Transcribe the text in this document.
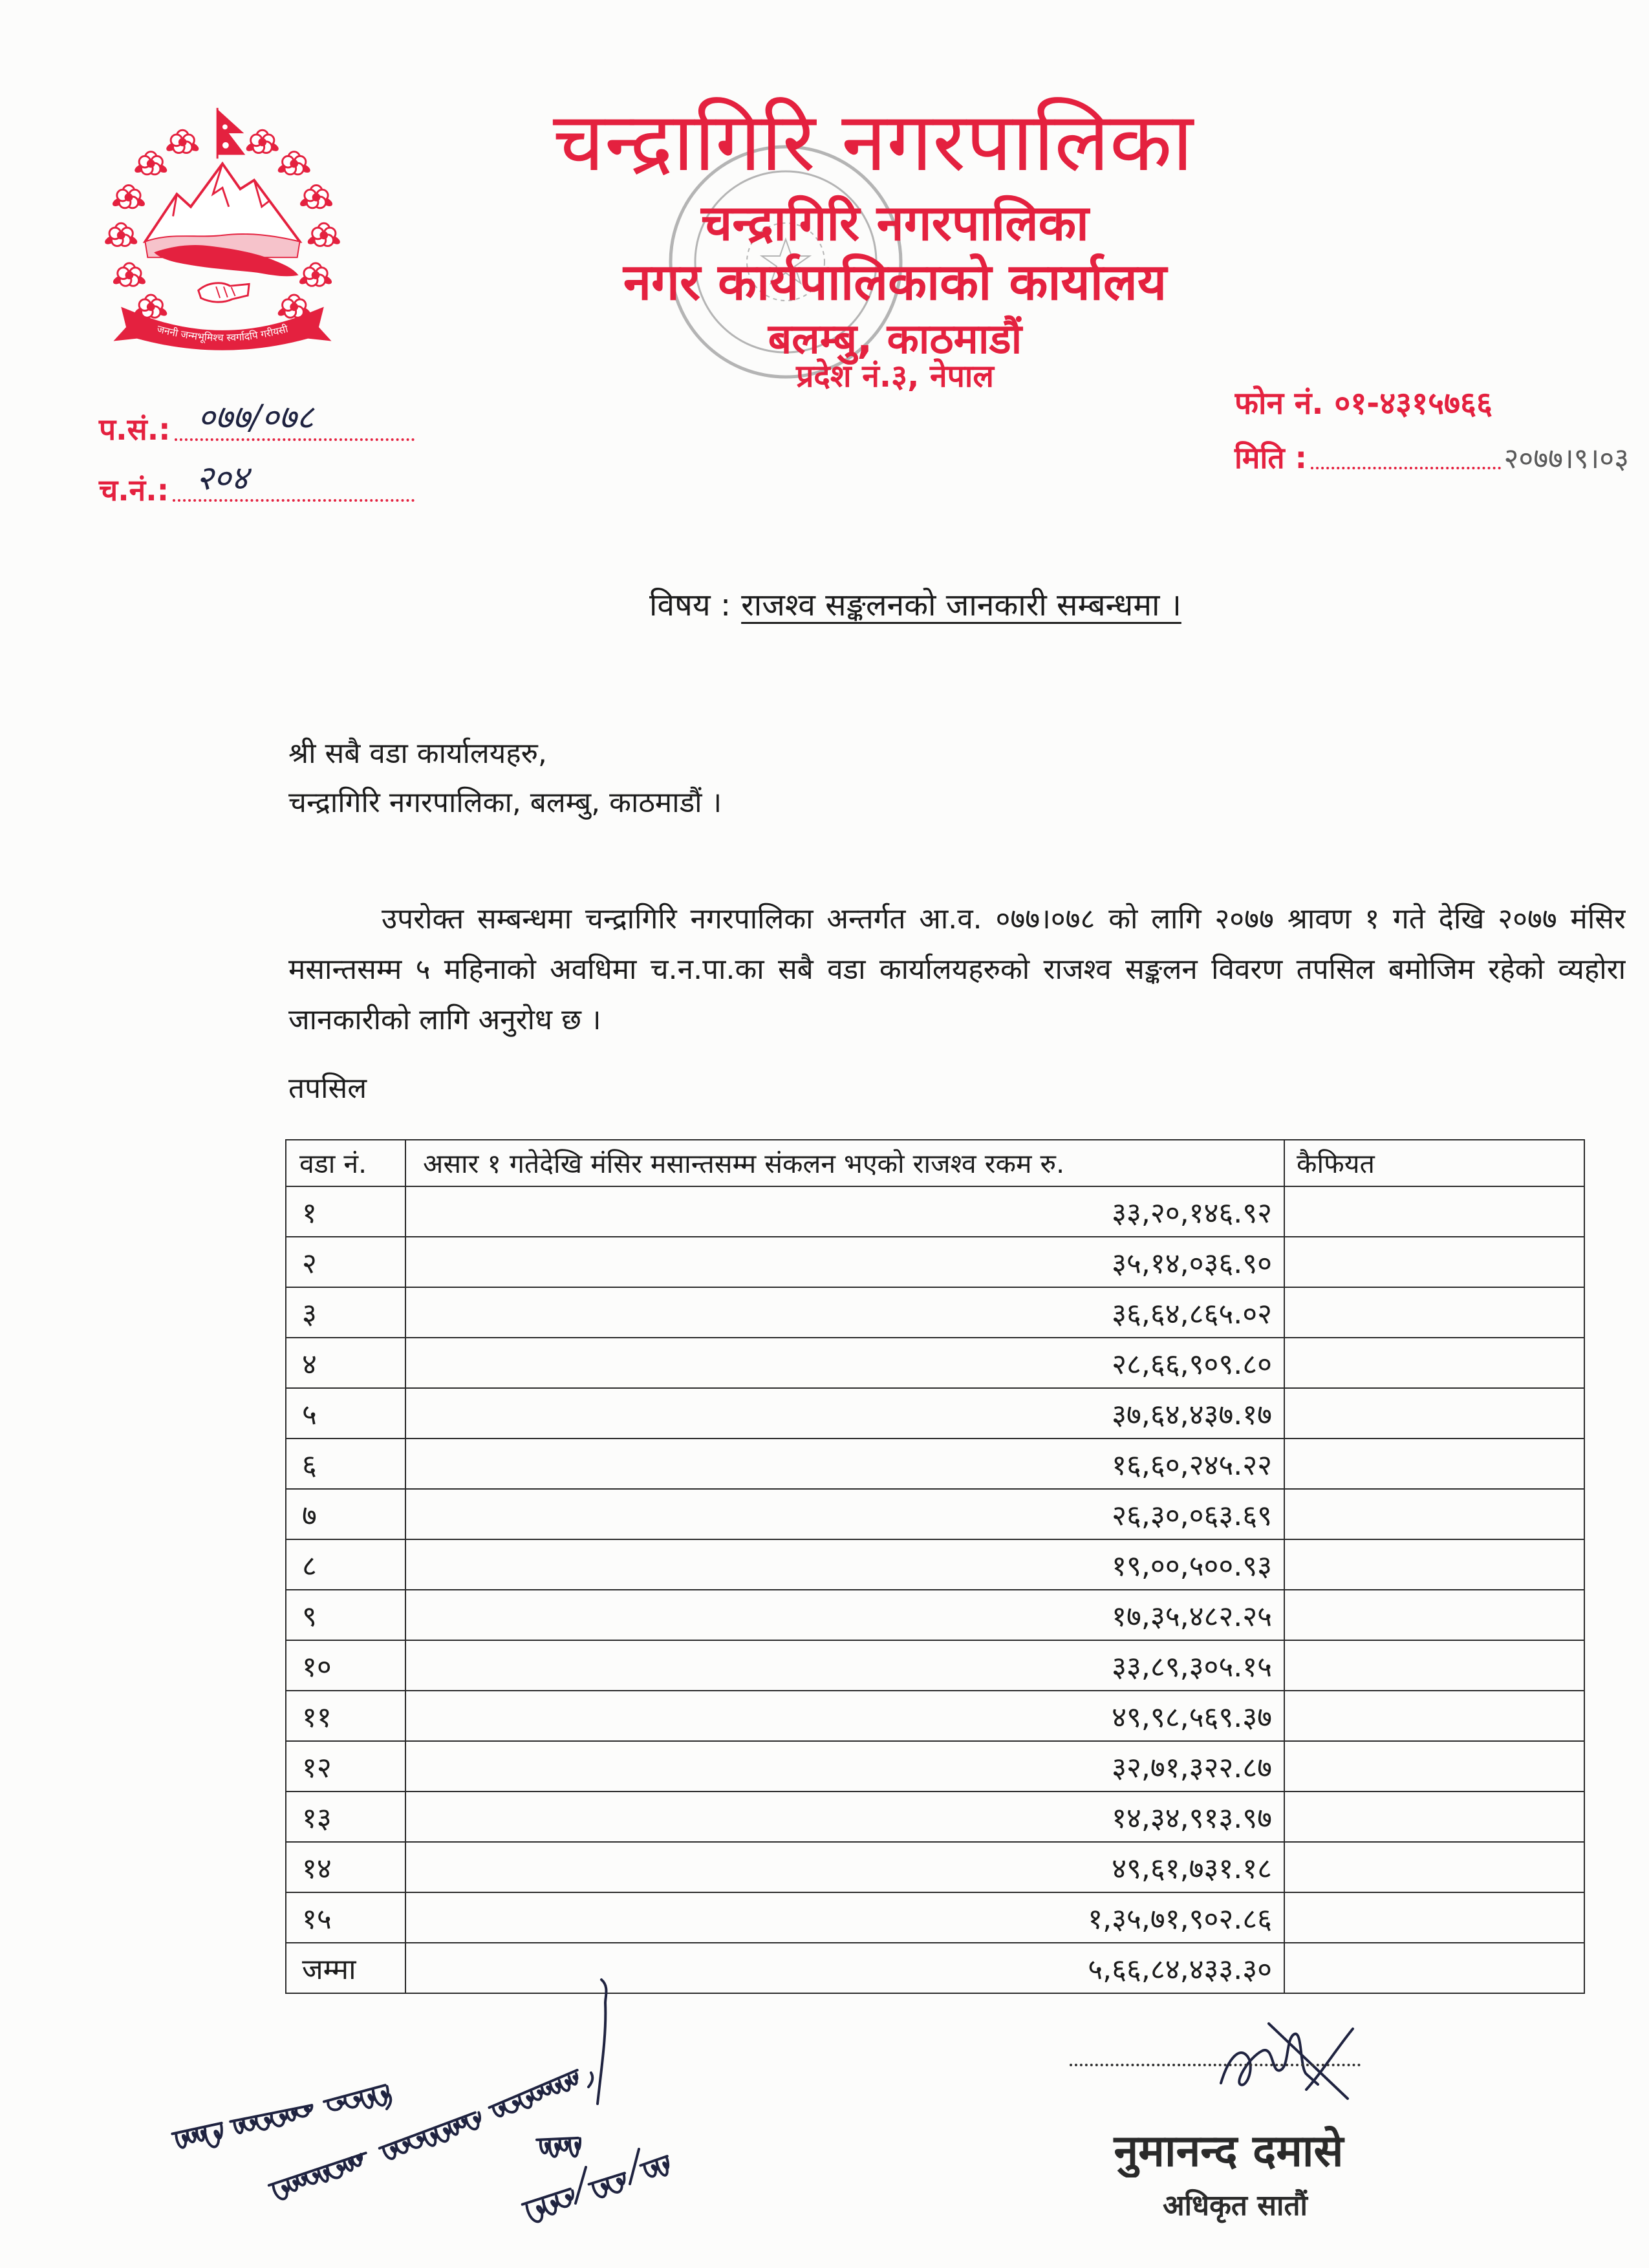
जननी जन्मभूमिश्च स्वर्गादपि गरीयसी
चन्द्रागिरि नगरपालिका
चन्द्रागिरि नगरपालिका
नगर कार्यपालिकाको कार्यालय
बलम्बु, काठमाडौं
प्रदेश नं.३, नेपाल
प.सं.: ०७७/०७८
च.नं.: २०४
फोन नं. ०१-४३१५७६६
मिति :	२०७७।९।०३
विषय : राजश्व सङ्कलनको जानकारी सम्बन्धमा ।
श्री सबै वडा कार्यालयहरु,
चन्द्रागिरि नगरपालिका, बलम्बु, काठमाडौं ।
उपरोक्त सम्बन्धमा चन्द्रागिरि नगरपालिका अन्तर्गत आ.व. ०७७।०७८ को लागि २०७७ श्रावण १ गते देखि २०७७ मंसिर मसान्तसम्म ५ महिनाको अवधिमा च.न.पा.का सबै वडा कार्यालयहरुको राजश्व सङ्कलन विवरण तपसिल बमोजिम रहेको व्यहोरा जानकारीको लागि अनुरोध छ ।
तपसिल
वडा नं.	असार १ गतेदेखि मंसिर मसान्तसम्म संकलन भएको राजश्व रकम रु.	कैफियत
१	३३,२०,१४६.९२	
२	३५,१४,०३६.९०	
३	३६,६४,८६५.०२	
४	२८,६६,९०९.८०	
५	३७,६४,४३७.१७	
६	१६,६०,२४५.२२	
७	२६,३०,०६३.६९	
८	१९,००,५००.९३	
९	१७,३५,४८२.२५	
१०	३३,८९,३०५.१५	
११	४९,९८,५६९.३७	
१२	३२,७१,३२२.८७	
१३	१४,३४,९१३.९७	
१४	४९,६१,७३१.१८	
१५	१,३५,७१,९०२.८६	
जम्मा	५,६६,८४,४३३.३०	
नुमानन्द दमासे
अधिकृत सातौं
